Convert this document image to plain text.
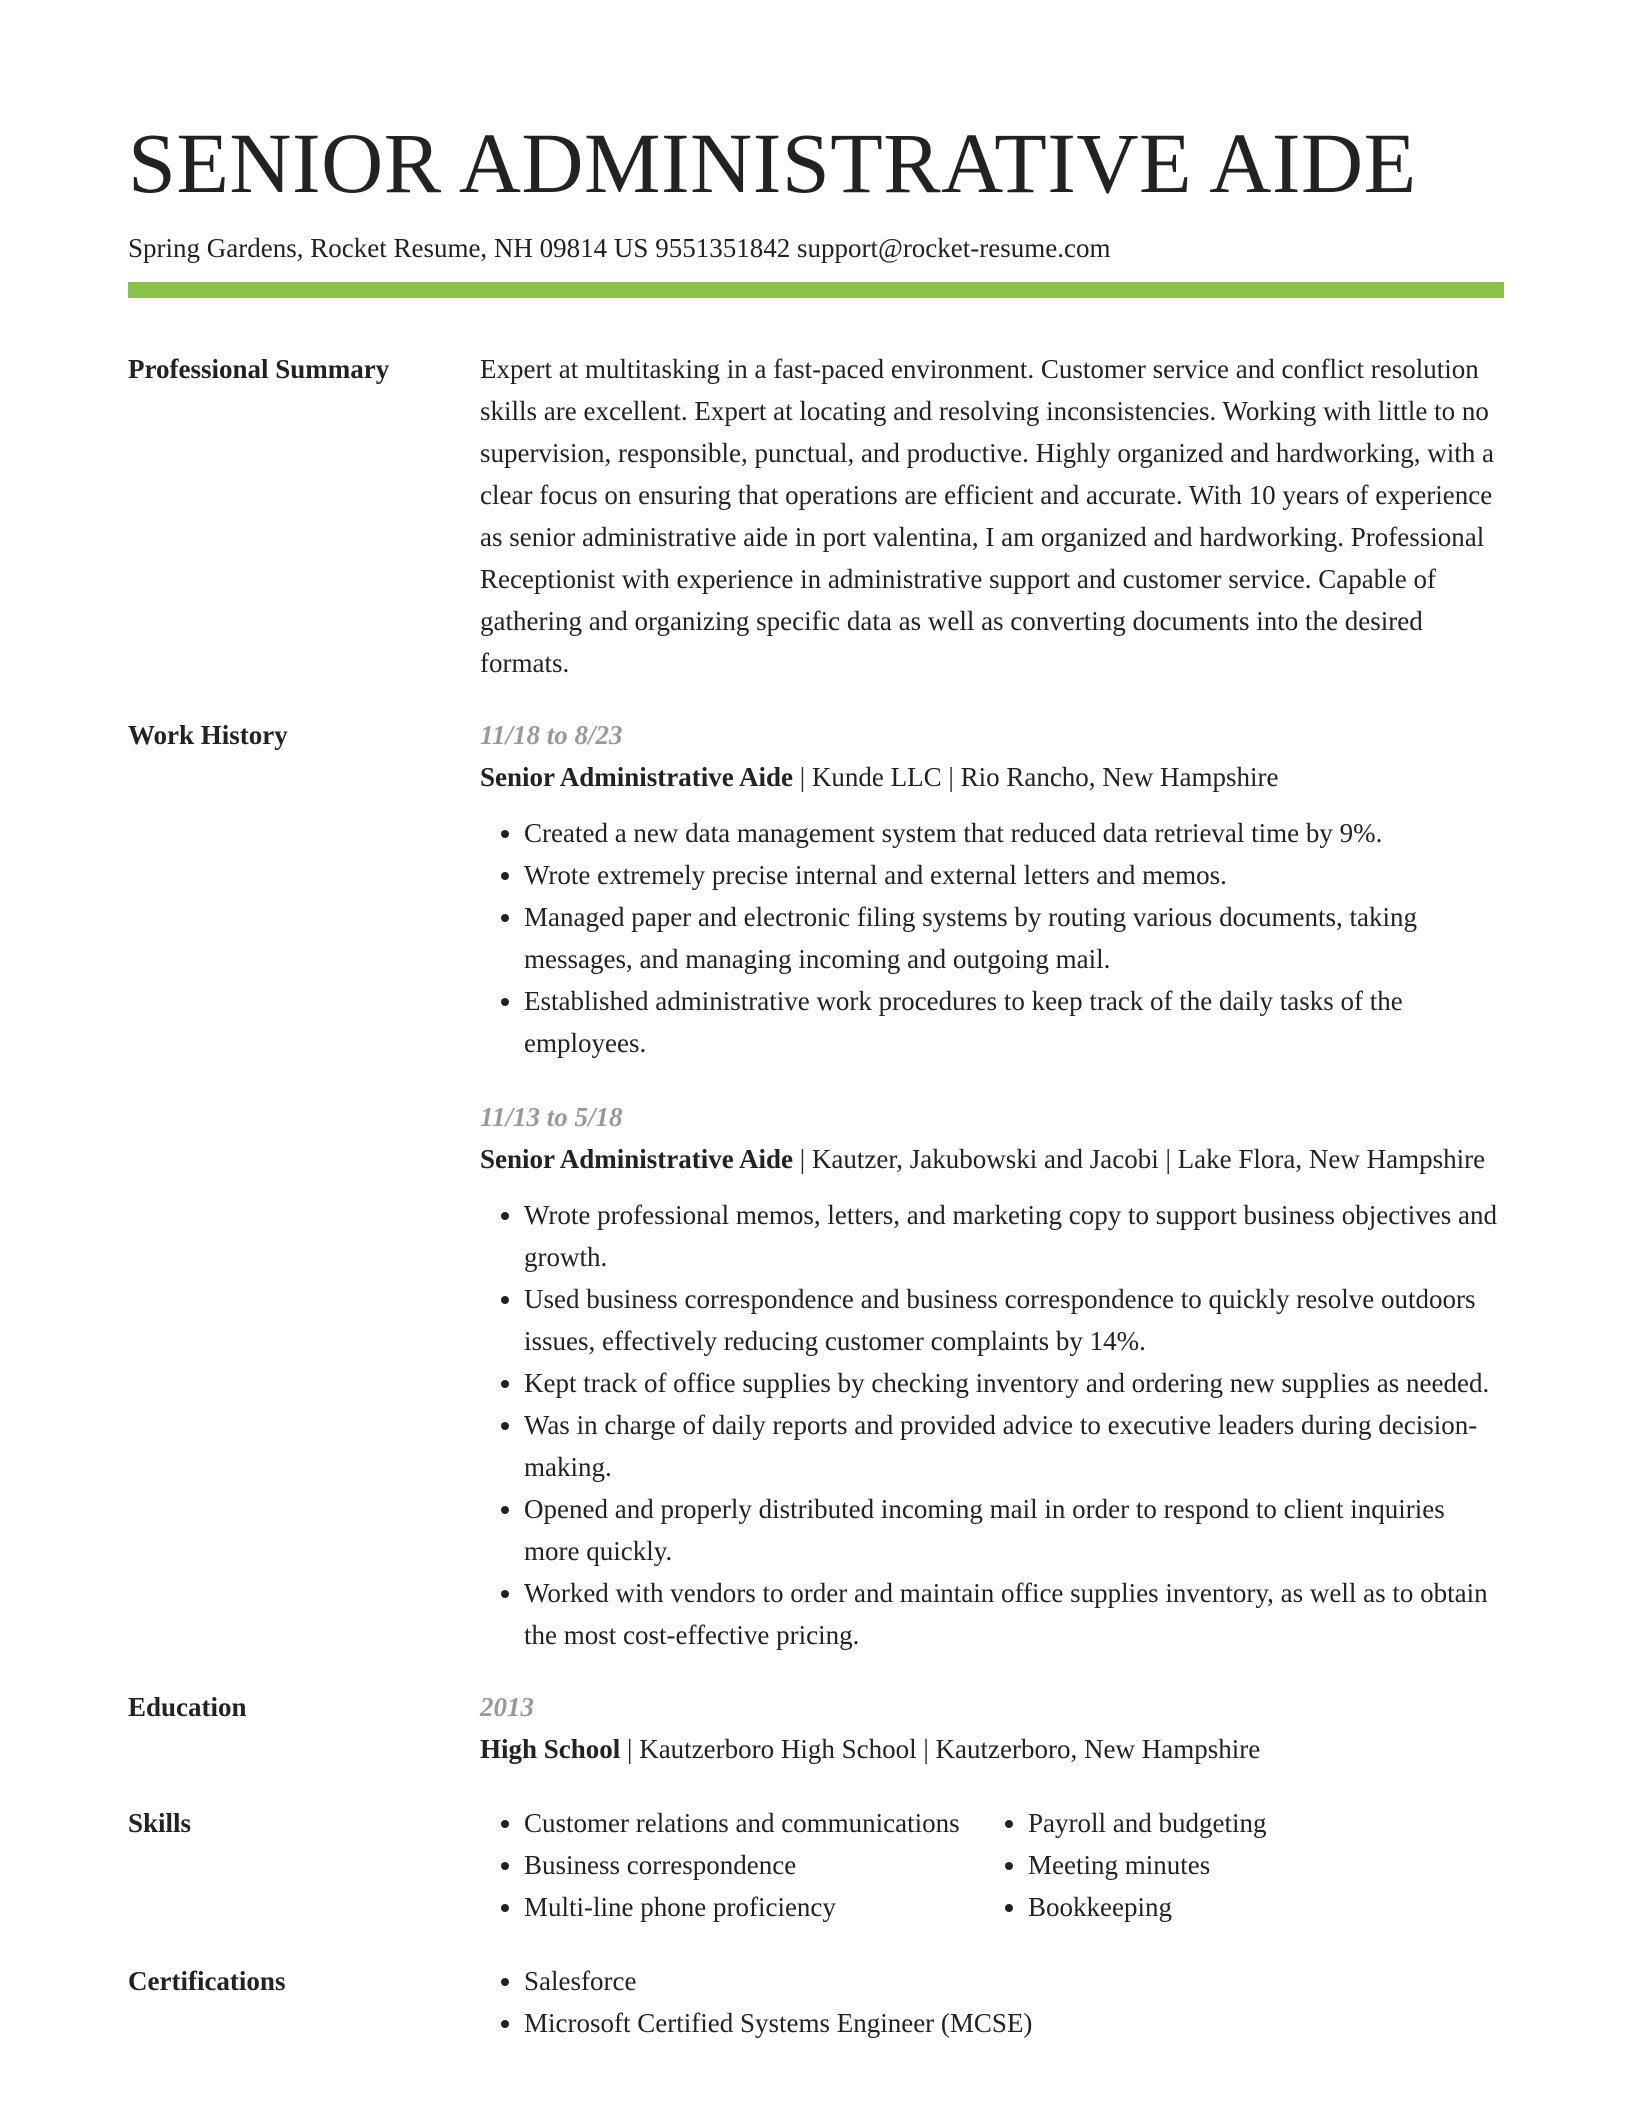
SENIOR ADMINISTRATIVE AIDE
Spring Gardens, Rocket Resume, NH 09814 US 9551351842 support@rocket-resume.com
Professional Summary	Expert at multitasking in a fast-paced environment. Customer service and conflict resolution skills are excellent. Expert at locating and resolving inconsistencies. Working with little to no supervision, responsible, punctual, and productive. Highly organized and hardworking, with a clear focus on ensuring that operations are efficient and accurate. With 10 years of experience as senior administrative aide in port valentina, I am organized and hardworking. Professional Receptionist with experience in administrative support and customer service. Capable of gathering and organizing specific data as well as converting documents into the desired formats.
Work History	11/18 to 8/23
Senior Administrative Aide | Kunde LLC | Rio Rancho, New Hampshire
• Created a new data management system that reduced data retrieval time by 9%.
• Wrote extremely precise internal and external letters and memos.
• Managed paper and electronic filing systems by routing various documents, taking messages, and managing incoming and outgoing mail.
• Established administrative work procedures to keep track of the daily tasks of the employees.
11/13 to 5/18
Senior Administrative Aide | Kautzer, Jakubowski and Jacobi | Lake Flora, New Hampshire
• Wrote professional memos, letters, and marketing copy to support business objectives and growth.
• Used business correspondence and business correspondence to quickly resolve outdoors issues, effectively reducing customer complaints by 14%.
• Kept track of office supplies by checking inventory and ordering new supplies as needed.
• Was in charge of daily reports and provided advice to executive leaders during decision-making.
• Opened and properly distributed incoming mail in order to respond to client inquiries more quickly.
• Worked with vendors to order and maintain office supplies inventory, as well as to obtain the most cost-effective pricing.
Education	2013
High School | Kautzerboro High School | Kautzerboro, New Hampshire
Skills	• Customer relations and communications
• Business correspondence
• Multi-line phone proficiency
• Payroll and budgeting
• Meeting minutes
• Bookkeeping
Certifications	• Salesforce
• Microsoft Certified Systems Engineer (MCSE)
